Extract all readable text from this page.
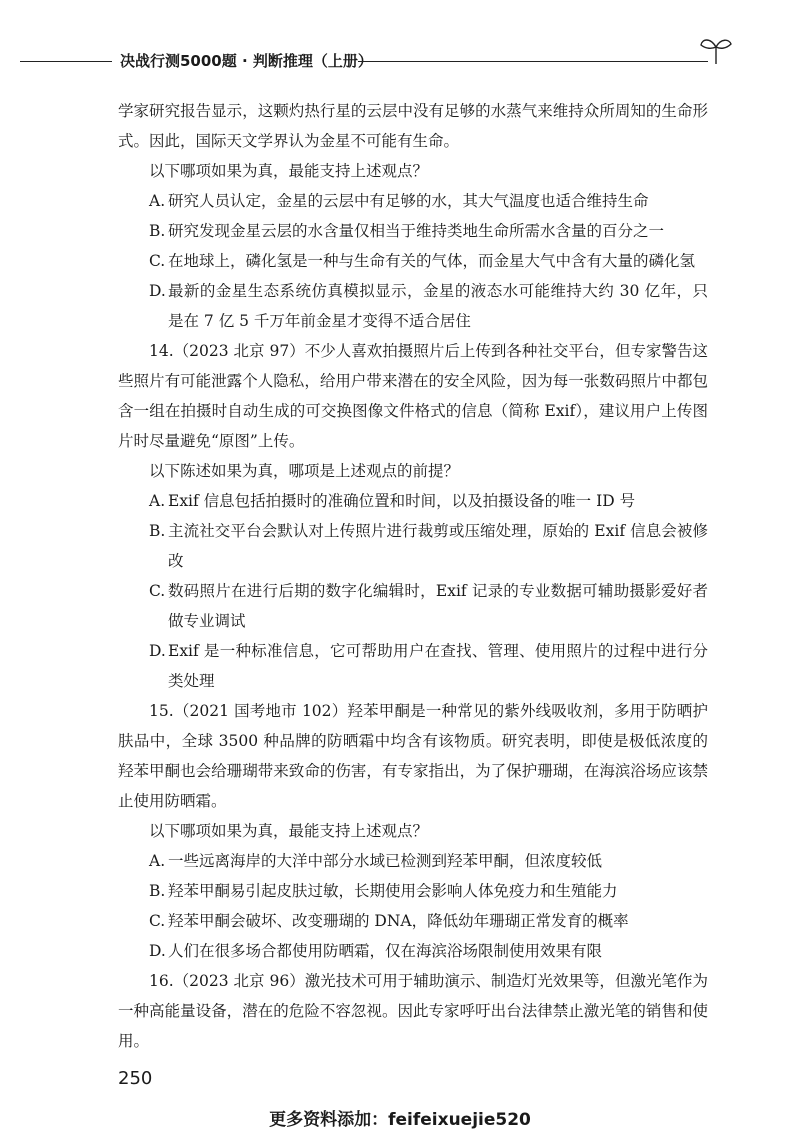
决战行测5000题 · 判断推理（上册）

学家研究报告显示，这颗灼热行星的云层中没有足够的水蒸气来维持众所周知的生命形式。因此，国际天文学界认为金星不可能有生命。

以下哪项如果为真，最能支持上述观点？

A. 研究人员认定，金星的云层中有足够的水，其大气温度也适合维持生命

B. 研究发现金星云层的水含量仅相当于维持类地生命所需水含量的百分之一

C. 在地球上，磷化氢是一种与生命有关的气体，而金星大气中含有大量的磷化氢

D. 最新的金星生态系统仿真模拟显示，金星的液态水可能维持大约 30 亿年，只是在 7 亿 5 千万年前金星才变得不适合居住

14.（2023 北京 97）不少人喜欢拍摄照片后上传到各种社交平台，但专家警告这些照片有可能泄露个人隐私，给用户带来潜在的安全风险，因为每一张数码照片中都包含一组在拍摄时自动生成的可交换图像文件格式的信息（简称 Exif），建议用户上传图片时尽量避免“原图”上传。

以下陈述如果为真，哪项是上述观点的前提？

A. Exif 信息包括拍摄时的准确位置和时间，以及拍摄设备的唯一 ID 号

B. 主流社交平台会默认对上传照片进行裁剪或压缩处理，原始的 Exif 信息会被修改

C. 数码照片在进行后期的数字化编辑时，Exif 记录的专业数据可辅助摄影爱好者做专业调试

D. Exif 是一种标准信息，它可帮助用户在查找、管理、使用照片的过程中进行分类处理

15.（2021 国考地市 102）羟苯甲酮是一种常见的紫外线吸收剂，多用于防晒护肤品中，全球 3500 种品牌的防晒霜中均含有该物质。研究表明，即使是极低浓度的羟苯甲酮也会给珊瑚带来致命的伤害，有专家指出，为了保护珊瑚，在海滨浴场应该禁止使用防晒霜。

以下哪项如果为真，最能支持上述观点？

A. 一些远离海岸的大洋中部分水域已检测到羟苯甲酮，但浓度较低

B. 羟苯甲酮易引起皮肤过敏，长期使用会影响人体免疫力和生殖能力

C. 羟苯甲酮会破坏、改变珊瑚的 DNA，降低幼年珊瑚正常发育的概率

D. 人们在很多场合都使用防晒霜，仅在海滨浴场限制使用效果有限

16.（2023 北京 96）激光技术可用于辅助演示、制造灯光效果等，但激光笔作为一种高能量设备，潜在的危险不容忽视。因此专家呼吁出台法律禁止激光笔的销售和使用。

250
更多资料添加：feifeixuejie520
